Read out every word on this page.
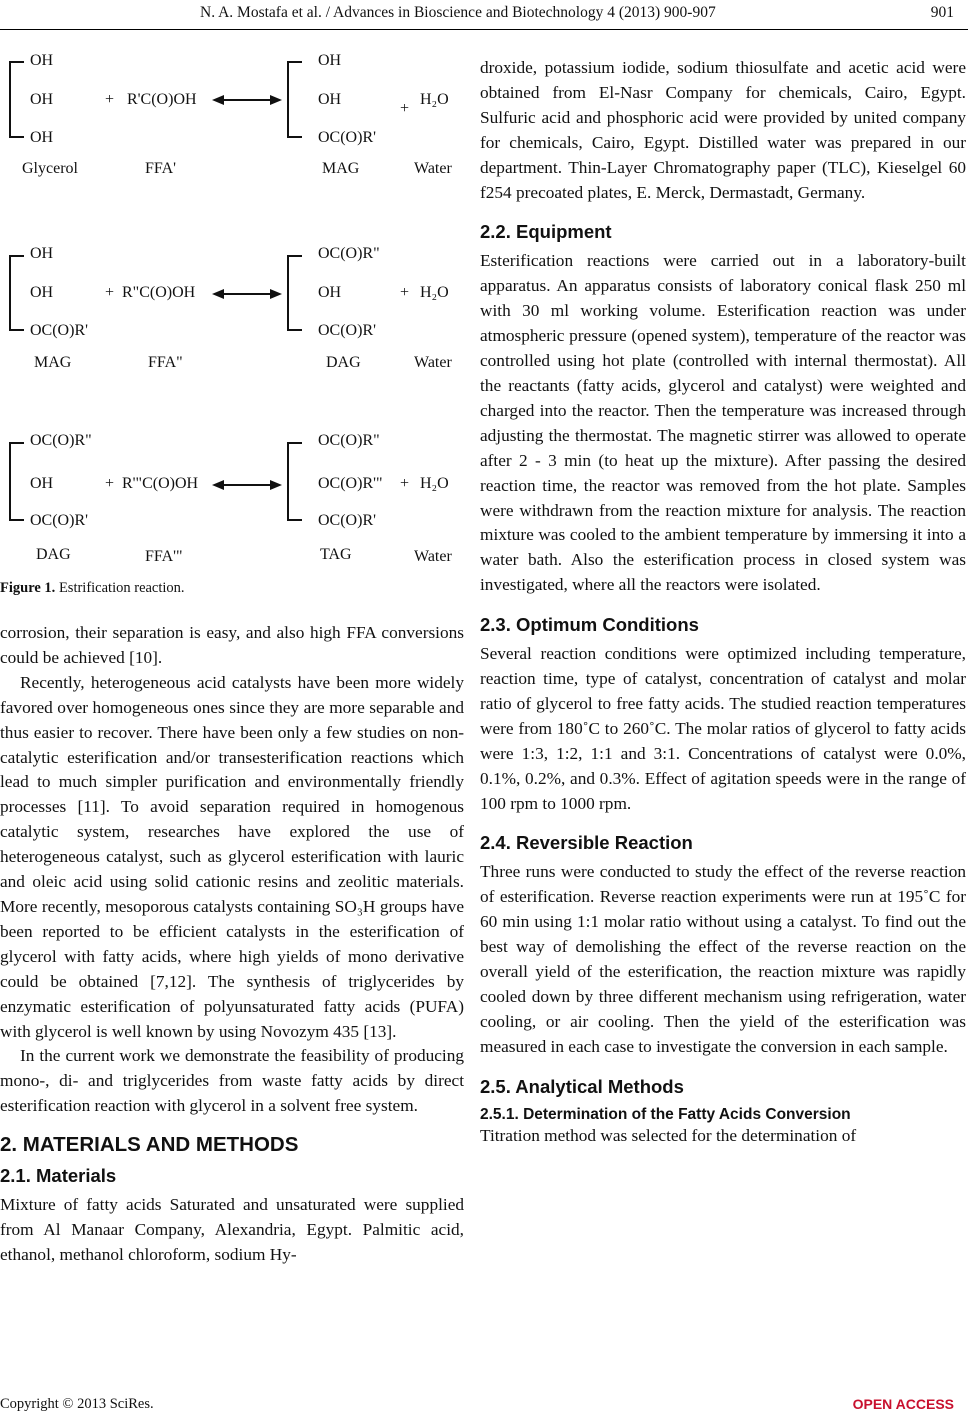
N. A. Mostafa et al. / Advances in Bioscience and Biotechnology 4 (2013) 900-907	901
OH
OH
OH
+ R'C(O)OH
OH
OH
OC(O)R'
+
H₂O
Glycerol	FFA'	MAG	Water
OH
OH
OC(O)R'
+ R"C(O)OH
OC(O)R"
OH
OC(O)R'
+ H₂O
MAG	FFA"	DAG	Water
OC(O)R"
OH
OC(O)R'
+ R'"C(O)OH
OC(O)R"
OC(O)R'"
OC(O)R'
+ H₂O
DAG	FFA'"	TAG	Water
Figure 1. Estrification reaction.

corrosion, their separation is easy, and also high FFA conversions could be achieved [10].

Recently, heterogeneous acid catalysts have been more widely favored over homogeneous ones since they are more separable and thus easier to recover. There have been only a few studies on non-catalytic esterification and/or transesterification reactions which lead to much simpler purification and environmentally friendly processes [11]. To avoid separation required in homogenous catalytic system, researches have explored the use of heterogeneous catalyst, such as glycerol esterification with lauric and oleic acid using solid cationic resins and zeolitic materials. More recently, mesoporous catalysts containing SO₃H groups have been reported to be efficient catalysts in the esterification of glycerol with fatty acids, where high yields of mono derivative could be obtained [7,12]. The synthesis of triglycerides by enzymatic esterification of polyunsaturated fatty acids (PUFA) with glycerol is well known by using Novozym 435 [13].

In the current work we demonstrate the feasibility of producing mono-, di- and triglycerides from waste fatty acids by direct esterification reaction with glycerol in a solvent free system.

2. MATERIALS AND METHODS

2.1. Materials

Mixture of fatty acids Saturated and unsaturated were supplied from Al Manaar Company, Alexandria, Egypt. Palmitic acid, ethanol, methanol chloroform, sodium Hy-

droxide, potassium iodide, sodium thiosulfate and acetic acid were obtained from El-Nasr Company for chemicals, Cairo, Egypt. Sulfuric acid and phosphoric acid were provided by united company for chemicals, Cairo, Egypt. Distilled water was prepared in our department. Thin-Layer Chromatography paper (TLC), Kieselgel 60 f254 precoated plates, E. Merck, Dermastadt, Germany.

2.2. Equipment

Esterification reactions were carried out in a laboratory-built apparatus. An apparatus consists of laboratory conical flask 250 ml with 30 ml working volume. Esterification reaction was under atmospheric pressure (opened system), temperature of the reactor was controlled using hot plate (controlled with internal thermostat). All the reactants (fatty acids, glycerol and catalyst) were weighted and charged into the reactor. Then the temperature was increased through adjusting the thermostat. The magnetic stirrer was allowed to operate after 2 - 3 min (to heat up the mixture). After passing the desired reaction time, the reactor was removed from the hot plate. Samples were withdrawn from the reaction mixture for analysis. The reaction mixture was cooled to the ambient temperature by immersing it into a water bath. Also the esterification process in closed system was investigated, where all the reactors were isolated.

2.3. Optimum Conditions

Several reaction conditions were optimized including temperature, reaction time, type of catalyst, concentration of catalyst and molar ratio of glycerol to free fatty acids. The studied reaction temperatures were from 180˚C to 260˚C. The molar ratios of glycerol to fatty acids were 1:3, 1:2, 1:1 and 3:1. Concentrations of catalyst were 0.0%, 0.1%, 0.2%, and 0.3%. Effect of agitation speeds were in the range of 100 rpm to 1000 rpm.

2.4. Reversible Reaction

Three runs were conducted to study the effect of the reverse reaction of esterification. Reverse reaction experiments were run at 195˚C for 60 min using 1:1 molar ratio without using a catalyst. To find out the best way of demolishing the effect of the reverse reaction on the overall yield of the esterification, the reaction mixture was rapidly cooled down by three different mechanism using refrigeration, water cooling, or air cooling. Then the yield of the esterification was measured in each case to investigate the conversion in each sample.

2.5. Analytical Methods

2.5.1. Determination of the Fatty Acids Conversion

Titration method was selected for the determination of

Copyright © 2013 SciRes.	OPEN ACCESS
